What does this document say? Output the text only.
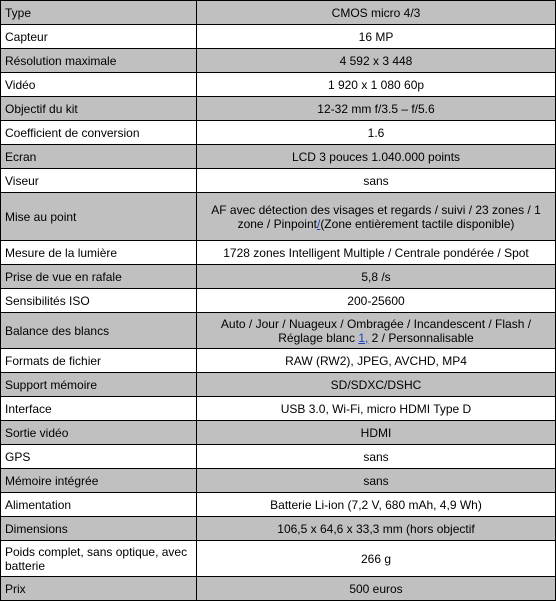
Type	CMOS micro 4/3
Capteur	16 MP
Résolution maximale	4 592 x 3 448
Vidéo	1 920 x 1 080 60p
Objectif du kit	12-32 mm f/3.5 – f/5.6
Coefficient de conversion	1.6
Ecran	LCD 3 pouces 1.040.000 points
Viseur	sans
Mise au point	AF avec détection des visages et regards / suivi / 23 zones / 1 zone / Pinpoint/(Zone entièrement tactile disponible)
Mesure de la lumière	1728 zones Intelligent Multiple / Centrale pondérée / Spot
Prise de vue en rafale	5,8 /s
Sensibilités ISO	200-25600
Balance des blancs	Auto / Jour / Nuageux / Ombragée / Incandescent / Flash / Réglage blanc 1, 2 / Personnalisable
Formats de fichier	RAW (RW2), JPEG, AVCHD, MP4
Support mémoire	SD/SDXC/DSHC
Interface	USB 3.0, Wi-Fi, micro HDMI Type D
Sortie vidéo	HDMI
GPS	sans
Mémoire intégrée	sans
Alimentation	Batterie Li-ion (7,2 V, 680 mAh, 4,9 Wh)
Dimensions	106,5 x 64,6 x 33,3 mm (hors objectif
Poids complet, sans optique, avec batterie	266 g
Prix	500 euros
